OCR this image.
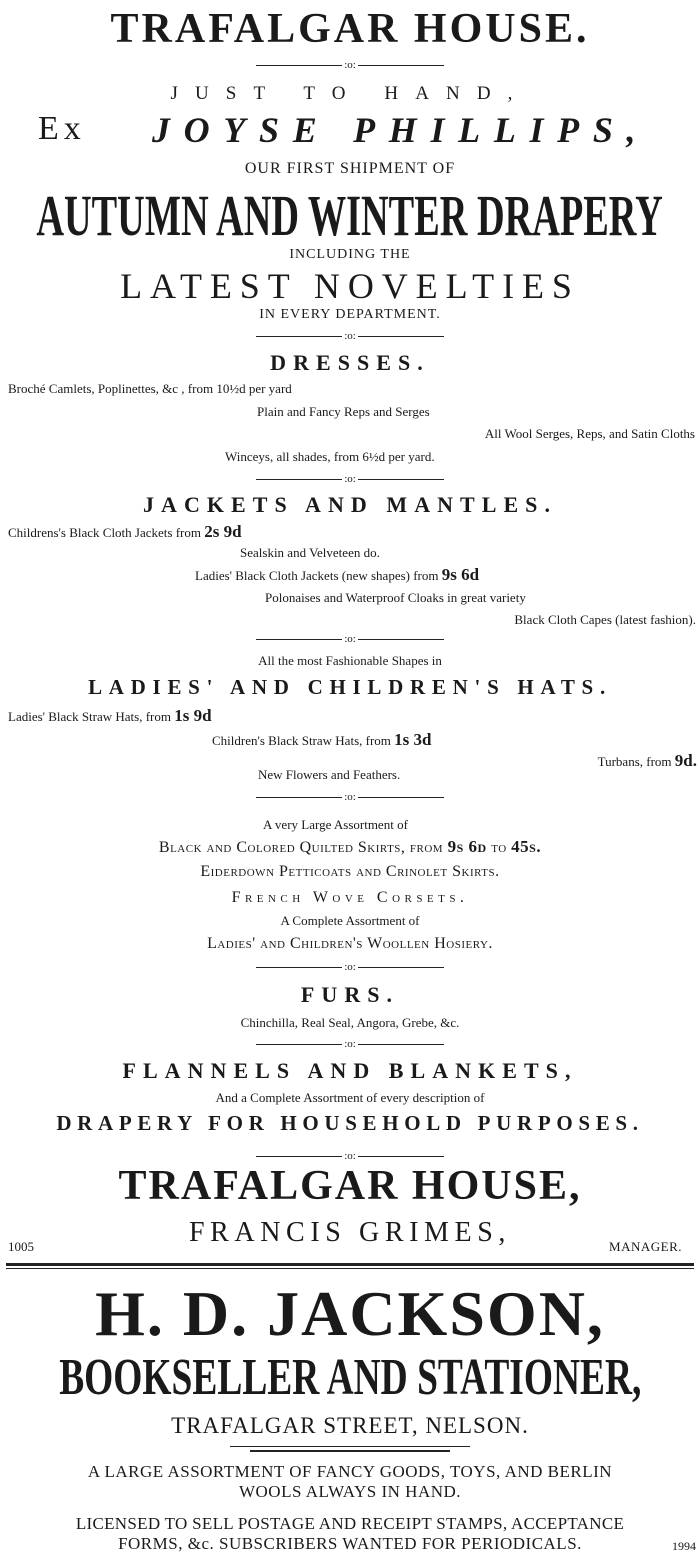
TRAFALGAR HOUSE.
:o:
JUST TO HAND,
Ex JOYSE PHILLIPS,
OUR FIRST SHIPMENT OF
AUTUMN AND WINTER DRAPERY
INCLUDING THE
LATEST NOVELTIES
IN EVERY DEPARTMENT.
:o:
DRESSES.
Broché Camlets, Poplinettes, &c , from 10½d per yard
Plain and Fancy Reps and Serges
All Wool Serges, Reps, and Satin Cloths
Winceys, all shades, from 6½d per yard.
:o:
JACKETS AND MANTLES.
Childrens's Black Cloth Jackets from 2s 9d
Sealskin and Velveteen do.
Ladies' Black Cloth Jackets (new shapes) from 9s 6d
Polonaises and Waterproof Cloaks in great variety
Black Cloth Capes (latest fashion).
:o:
All the most Fashionable Shapes in
LADIES' AND CHILDREN'S HATS.
Ladies' Black Straw Hats, from 1s 9d
Children's Black Straw Hats, from 1s 3d
Turbans, from 9d.
New Flowers and Feathers.
:o:
A very Large Assortment of
Black and Colored Quilted Skirts, from 9s 6d to 45s.
Eiderdown Petticoats and Crinolet Skirts.
French Wove Corsets.
A Complete Assortment of
Ladies' and Children's Woollen Hosiery.
:o:
FURS.
Chinchilla, Real Seal, Angora, Grebe, &c.
:o:
FLANNELS AND BLANKETS,
And a Complete Assortment of every description of
DRAPERY FOR HOUSEHOLD PURPOSES.
:o:
TRAFALGAR HOUSE,
FRANCIS GRIMES,
1005	MANAGER.
H. D. JACKSON,
BOOKSELLER AND STATIONER,
TRAFALGAR STREET, NELSON.
A LARGE ASSORTMENT OF FANCY GOODS, TOYS, AND BERLIN
WOOLS ALWAYS IN HAND.
LICENSED TO SELL POSTAGE AND RECEIPT STAMPS, ACCEPTANCE
FORMS, &c. SUBSCRIBERS WANTED FOR PERIODICALS.	1994
